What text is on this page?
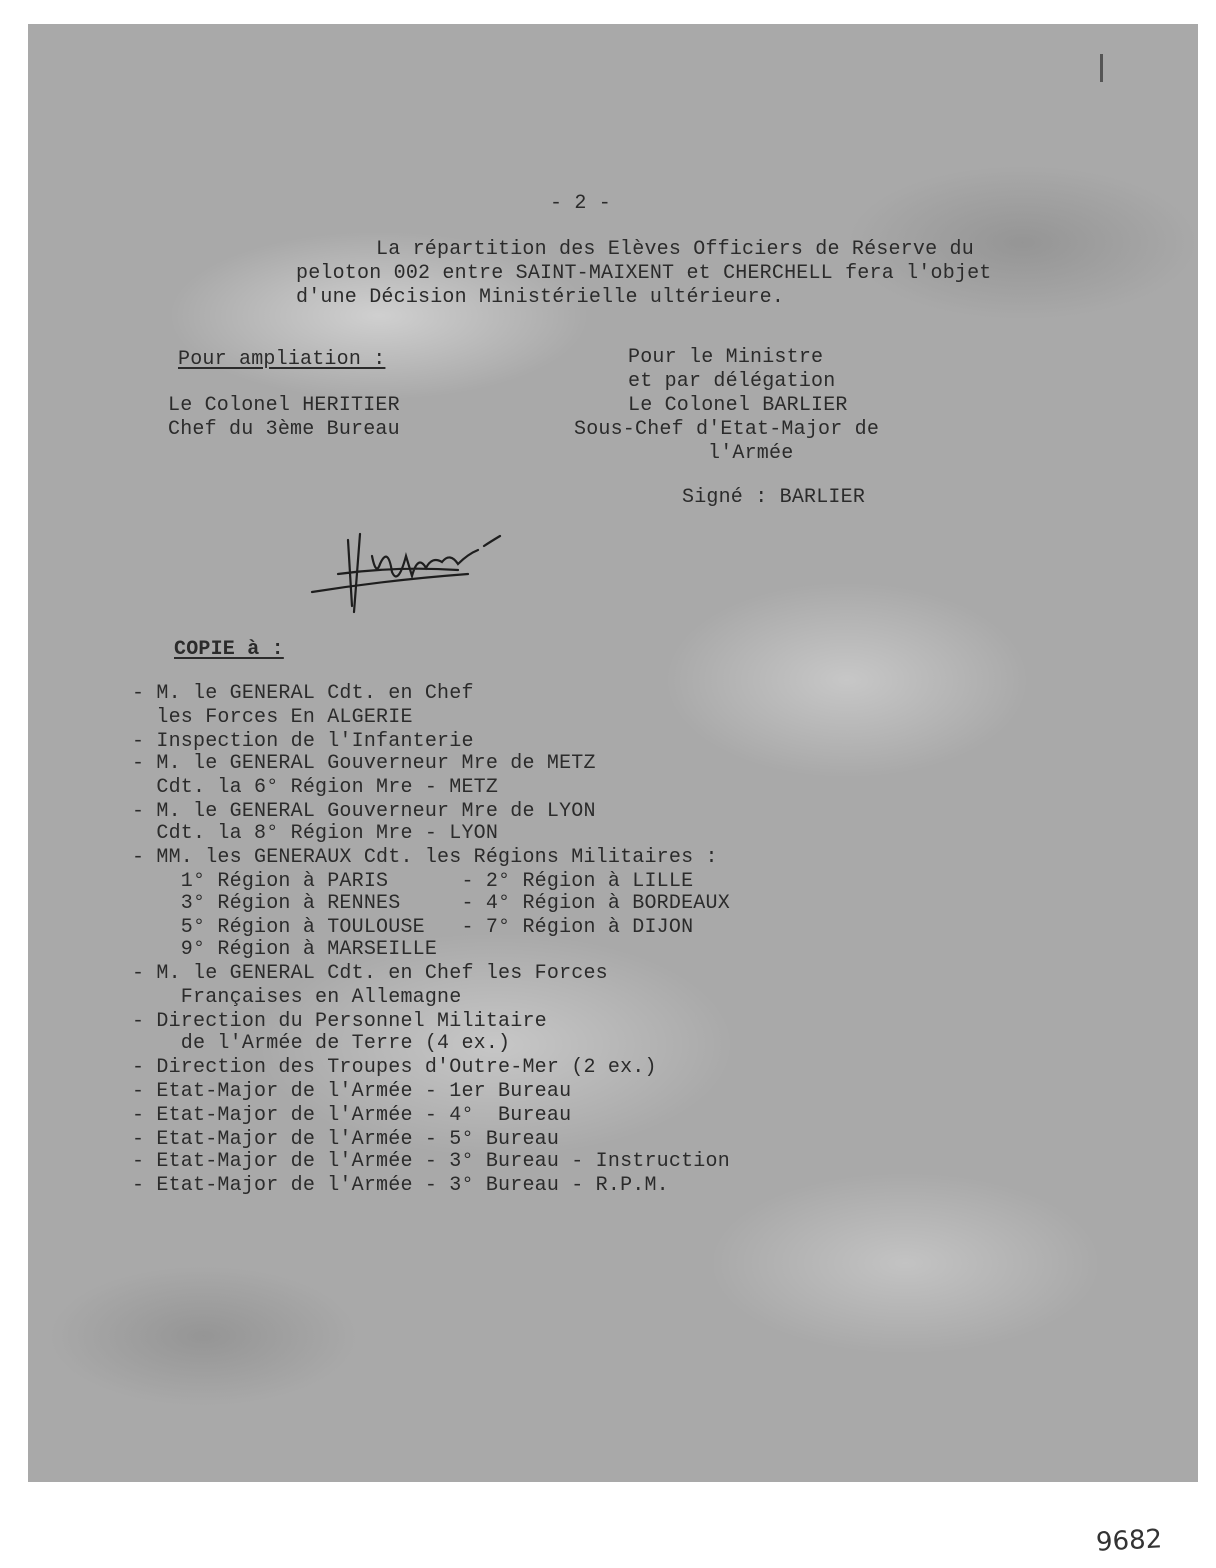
- 2 -
La répartition des Elèves Officiers de Réserve du
peloton 002 entre SAINT-MAIXENT et CHERCHELL fera l'objet
d'une Décision Ministérielle ultérieure.
Pour ampliation :
Le Colonel HERITIER
Chef du 3ème Bureau
Pour le Ministre
et par délégation
Le Colonel BARLIER
Sous-Chef d'Etat-Major de
l'Armée
Signé : BARLIER
COPIE à :
- M. le GENERAL Cdt. en Chef
les Forces En ALGERIE
- Inspection de l'Infanterie
- M. le GENERAL Gouverneur Mre de METZ
Cdt. la 6° Région Mre - METZ
- M. le GENERAL Gouverneur Mre de LYON
Cdt. la 8° Région Mre - LYON
- MM. les GENERAUX Cdt. les Régions Militaires :
1° Région à PARIS      - 2° Région à LILLE
3° Région à RENNES     - 4° Région à BORDEAUX
5° Région à TOULOUSE   - 7° Région à DIJON
9° Région à MARSEILLE
- M. le GENERAL Cdt. en Chef les Forces
Françaises en Allemagne
- Direction du Personnel Militaire
de l'Armée de Terre (4 ex.)
- Direction des Troupes d'Outre-Mer (2 ex.)
- Etat-Major de l'Armée - 1er Bureau
- Etat-Major de l'Armée - 4°  Bureau
- Etat-Major de l'Armée - 5° Bureau
- Etat-Major de l'Armée - 3° Bureau - Instruction
- Etat-Major de l'Armée - 3° Bureau - R.P.M.
9682
